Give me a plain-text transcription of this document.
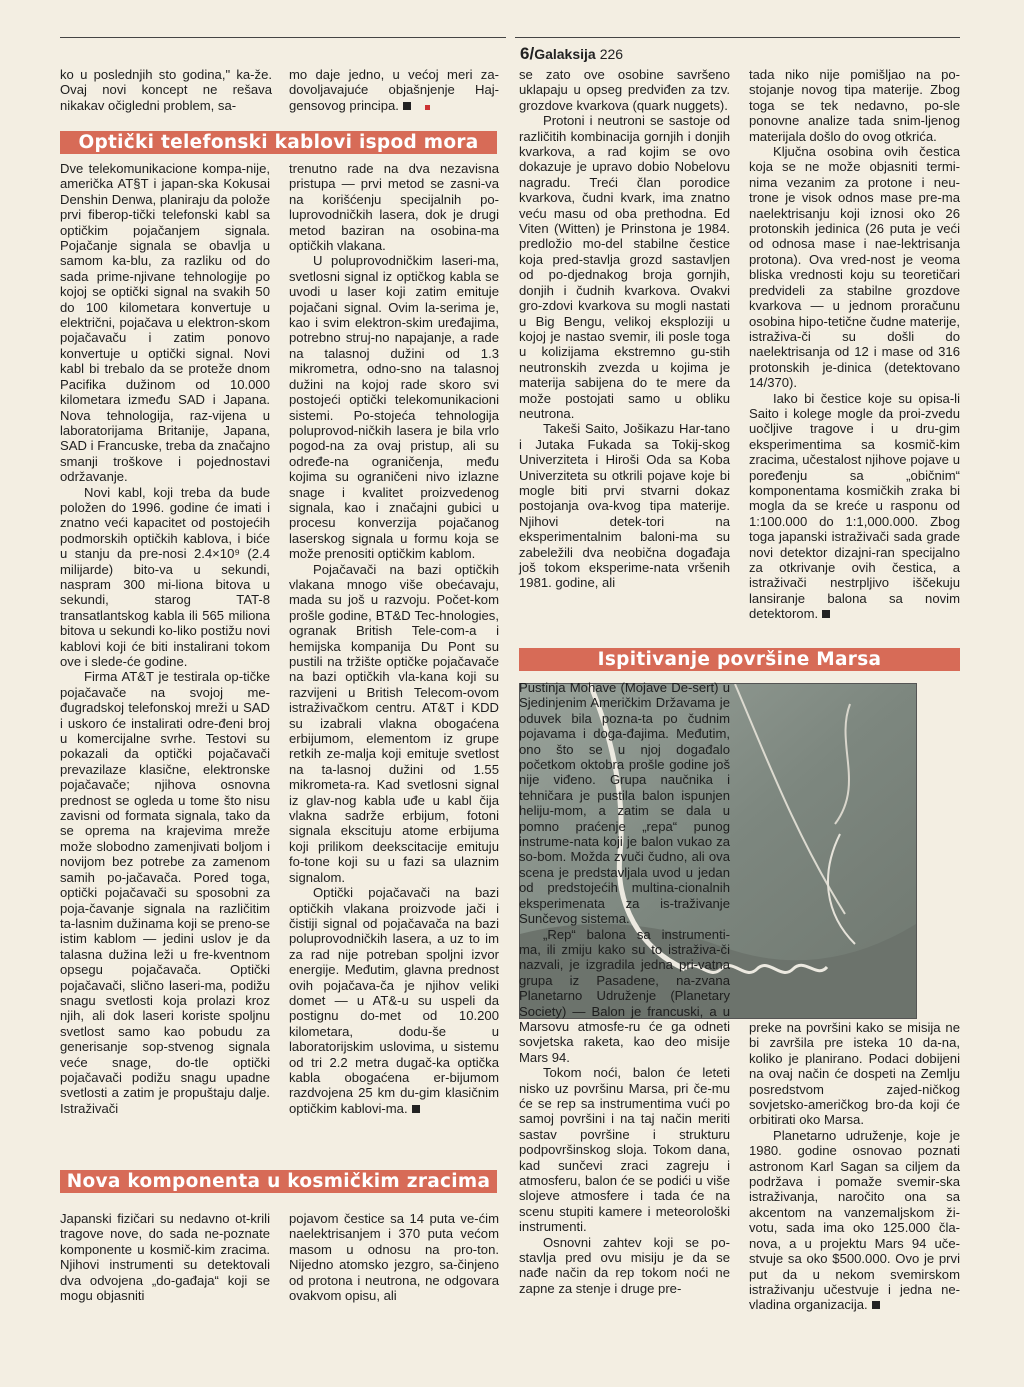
6/Galaksija 226

ko u poslednjih sto godina," ka-že. Ovaj novi koncept ne rešava nikakav očigledni problem, sa-

mo daje jedno, u većoj meri za-dovoljavajuće objašnjenje Haj-gensovog principa.

Optički telefonski kablovi ispod mora

Dve telekomunikacione kompa-nije, američka AT§T i japan-ska Kokusai Denshin Denwa, planiraju da polože prvi fiberop-tički telefonski kabl sa optičkim pojačanjem signala. Pojačanje signala se obavlja u samom ka-blu, za razliku od do sada prime-njivane tehnologije po kojoj se optički signal na svakih 50 do 100 kilometara konvertuje u električni, pojačava u elektron-skom pojačavaču i zatim ponovo konvertuje u optički signal. Novi kabl bi trebalo da se proteže dnom Pacifika dužinom od 10.000 kilometara između SAD i Japana. Nova tehnologija, raz-vijena u laboratorijama Britanije, Japana, SAD i Francuske, treba da značajno smanji troškove i pojednostavi održavanje.

Novi kabl, koji treba da bude položen do 1996. godine će imati i znatno veći kapacitet od postojećih podmorskih optičkih kablova, i biće u stanju da pre-nosi 2.4×10⁹ (2.4 milijarde) bito-va u sekundi, naspram 300 mi-liona bitova u sekundi, starog TAT-8 transatlantskog kabla ili 565 miliona bitova u sekundi ko-liko postižu novi kablovi koji će biti instalirani tokom ove i slede-će godine.

Firma AT&T je testirala op-tičke pojačavače na svojoj me-đugradskoj telefonskoj mreži u SAD i uskoro će instalirati odre-đeni broj u komercijalne svrhe. Testovi su pokazali da optički pojačavači prevazilaze klasične, elektronske pojačavače; njihova osnovna prednost se ogleda u tome što nisu zavisni od formata signala, tako da se oprema na krajevima mreže može slobodno zamenjivati boljom i novijom bez potrebe za zamenom samih po-jačavača. Pored toga, optički pojačavači su sposobni za poja-čavanje signala na različitim ta-lasnim dužinama koji se preno-se istim kablom — jedini uslov je da talasna dužina leži u fre-kventnom opsegu pojačavača. Optički pojačavači, slično laseri-ma, podižu snagu svetlosti koja prolazi kroz njih, ali dok laseri koriste spoljnu svetlost samo kao pobudu za generisanje sop-stvenog signala veće snage, do-tle optički pojačavači podižu snagu upadne svetlosti a zatim je propuštaju dalje. Istraživači

trenutno rade na dva nezavisna pristupa — prvi metod se zasni-va na korišćenju specijalnih po-luprovodničkih lasera, dok je drugi metod baziran na osobina-ma optičkih vlakana.

U poluprovodničkim laseri-ma, svetlosni signal iz optičkog kabla se uvodi u laser koji zatim emituje pojačani signal. Ovim la-serima je, kao i svim elektron-skim uređajima, potrebno struj-no napajanje, a rade na talasnoj dužini od 1.3 mikrometra, odno-sno na talasnoj dužini na kojoj rade skoro svi postojeći optički telekomunikacioni sistemi. Po-stojeća tehnologija poluprovod-ničkih lasera je bila vrlo pogod-na za ovaj pristup, ali su određe-na ograničenja, među kojima su ograničeni nivo izlazne snage i kvalitet proizvedenog signala, kao i značajni gubici u procesu konverzija pojačanog laserskog signala u formu koja se može prenositi optičkim kablom.

Pojačavači na bazi optičkih vlakana mnogo više obećavaju, mada su još u razvoju. Počet-kom prošle godine, BT&D Tec-hnologies, ogranak British Tele-com-a i hemijska kompanija Du Pont su pustili na tržište optičke pojačavače na bazi optičkih vla-kana koji su razvijeni u British Telecom-ovom istraživačkom centru. AT&T i KDD su izabrali vlakna obogaćena erbijumom, elementom iz grupe retkih ze-malja koji emituje svetlost na ta-lasnoj dužini od 1.55 mikrometa-ra. Kad svetlosni signal iz glav-nog kabla uđe u kabl čija vlakna sadrže erbijum, fotoni signala ekscituju atome erbijuma koji prilikom deekscitacije emituju fo-tone koji su u fazi sa ulaznim signalom.

Optički pojačavači na bazi optičkih vlakana proizvode jači i čistiji signal od pojačavača na bazi poluprovodničkih lasera, a uz to im za rad nije potreban spoljni izvor energije. Međutim, glavna prednost ovih pojačava-ča je njihov veliki domet — u AT&-u su uspeli da postignu do-met od 10.200 kilometara, dodu-še u laboratorijskim uslovima, u sistemu od tri 2.2 metra dugač-ka optička kabla obogaćena er-bijumom razdvojena 25 km du-gim klasičnim optičkim kablovi-ma.

Nova komponenta u kosmičkim zracima

Japanski fizičari su nedavno ot-krili tragove nove, do sada ne-poznate komponente u kosmič-kim zracima. Njihovi instrumenti su detektovali dva odvojena „do-gađaja“ koji se mogu objasniti

pojavom čestice sa 14 puta ve-ćim naelektrisanjem i 370 puta većom masom u odnosu na pro-ton. Nijedno atomsko jezgro, sa-činjeno od protona i neutrona, ne odgovara ovakvom opisu, ali

se zato ove osobine savršeno uklapaju u opseg predviđen za tzv. grozdove kvarkova (quark nuggets).

Protoni i neutroni se sastoje od različitih kombinacija gornjih i donjih kvarkova, a rad kojim se ovo dokazuje je upravo dobio Nobelovu nagradu. Treći član porodice kvarkova, čudni kvark, ima znatno veću masu od oba prethodna. Ed Viten (Witten) je Prinstona je 1984. predložio mo-del stabilne čestice koja pred-stavlja grozd sastavljen od po-djednakog broja gornjih, donjih i čudnih kvarkova. Ovakvi gro-zdovi kvarkova su mogli nastati u Big Bengu, velikoj eksploziji u kojoj je nastao svemir, ili posle toga u kolizijama ekstremno gu-stih neutronskih zvezda u kojima je materija sabijena do te mere da može postojati samo u obliku neutrona.

Takeši Saito, Jošikazu Har-tano i Jutaka Fukada sa Tokij-skog Univerziteta i Hiroši Oda sa Koba Univerziteta su otkrili pojave koje bi mogle biti prvi stvarni dokaz postojanja ova-kvog tipa materije. Njihovi detek-tori na eksperimentalnim baloni-ma su zabeležili dva neobična događaja još tokom eksperime-nata vršenih 1981. godine, ali

tada niko nije pomišljao na po-stojanje novog tipa materije. Zbog toga se tek nedavno, po-sle ponovne analize tada snim-ljenog materijala došlo do ovog otkrića.

Ključna osobina ovih čestica koja se ne može objasniti termi-nima vezanim za protone i neu-trone je visok odnos mase pre-ma naelektrisanju koji iznosi oko 26 protonskih jedinica (26 puta je veći od odnosa mase i nae-lektrisanja protona). Ova vred-nost je veoma bliska vrednosti koju su teoretičari predvideli za stabilne grozdove kvarkova — u jednom proračunu osobina hipo-tetične čudne materije, istraživa-či su došli do naelektrisanja od 12 i mase od 316 protonskih je-dinica (detektovano 14/370).

Iako bi čestice koje su opisa-li Saito i kolege mogle da proi-zvedu uočljive tragove i u dru-gim eksperimentima sa kosmič-kim zracima, učestalost njihove pojave u poređenju sa „običnim“ komponentama kosmičkih zraka bi mogla da se kreće u rasponu od 1:100.000 do 1:1,000.000. Zbog toga japanski istraživači sada grade novi detektor dizajni-ran specijalno za otkrivanje ovih čestica, a istraživači nestrpljivo iščekuju lansiranje balona sa novim detektorom.

Ispitivanje površine Marsa

Pustinja Mohave (Mojave De-sert) u Sjedinjenim Američkim Državama je oduvek bila pozna-ta po čudnim pojavama i doga-đajima. Međutim, ono što se u njoj događalo početkom oktobra prošle godine još nije viđeno. Grupa naučnika i tehničara je pustila balon ispunjen heliju-mom, a zatim se dala u pomno praćenje „repa“ punog instrume-nata koji je balon vukao za so-bom. Možda zvuči čudno, ali ova scena je predstavljala uvod u jedan od predstojećih multina-cionalnih eksperimenata za is-traživanje Sunčevog sistema.

„Rep“ balona sa instrumenti-ma, ili zmiju kako su to istraživa-či nazvali, je izgradila jedna pri-vatna grupa iz Pasadene, na-zvana Planetarno Udruženje (Planetary Society) — Balon je francuski, a u Marsovu atmosfe-ru će ga odneti sovjetska raketa, kao deo misije Mars 94.

Tokom noći, balon će leteti nisko uz površinu Marsa, pri če-mu će se rep sa instrumentima vući po samoj površini i na taj način meriti sastav površine i strukturu podpovršinskog sloja. Tokom dana, kad sunčevi zraci zagreju i atmosferu, balon će se podići u više slojeve atmosfere i tada će na scenu stupiti kamere i meteorološki instrumenti.

Osnovni zahtev koji se po-stavlja pred ovu misiju je da se nađe način da rep tokom noći ne zapne za stenje i druge pre-

preke na površini kako se misija ne bi završila pre isteka 10 da-na, koliko je planirano. Podaci dobijeni na ovaj način će dospeti na Zemlju posredstvom zajed-ničkog sovjetsko-američkog bro-da koji će orbitirati oko Marsa.

Planetarno udruženje, koje je 1980. godine osnovao poznati astronom Karl Sagan sa ciljem da podržava i pomaže svemir-ska istraživanja, naročito ona sa akcentom na vanzemaljskom ži-votu, sada ima oko 125.000 čla-nova, a u projektu Mars 94 uče-stvuje sa oko $500.000. Ovo je prvi put da u nekom svemirskom istraživanju učestvuje i jedna ne-vladina organizacija.
